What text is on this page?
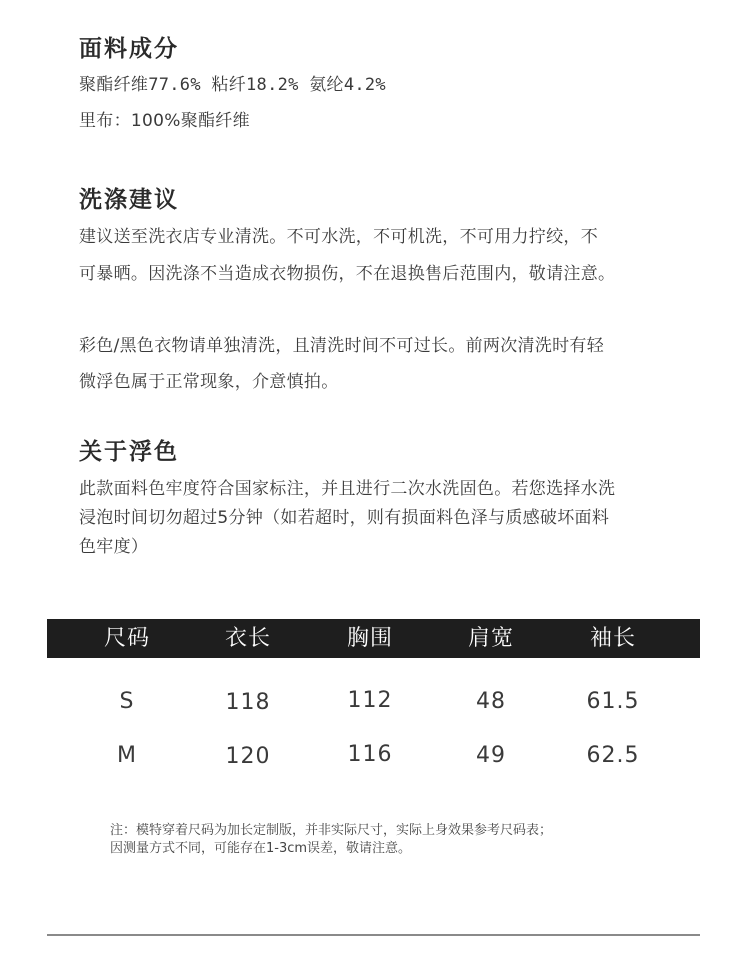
面料成分
聚酯纤维77.6% 粘纤18.2% 氨纶4.2%
里布：100%聚酯纤维
洗涤建议
建议送至洗衣店专业清洗。不可水洗，不可机洗，不可用力拧绞，不
可暴晒。因洗涤不当造成衣物损伤，不在退换售后范围内，敬请注意。
彩色/黑色衣物请单独清洗，且清洗时间不可过长。前两次清洗时有轻
微浮色属于正常现象，介意慎拍。
关于浮色
此款面料色牢度符合国家标注，并且进行二次水洗固色。若您选择水洗
浸泡时间切勿超过5分钟（如若超时，则有损面料色泽与质感破坏面料
色牢度）
尺码	衣长	胸围	肩宽	袖长
S	118	112	48	61.5
M	120	116	49	62.5
注：模特穿着尺码为加长定制版，并非实际尺寸，实际上身效果参考尺码表；
因测量方式不同，可能存在1-3cm误差，敬请注意。
